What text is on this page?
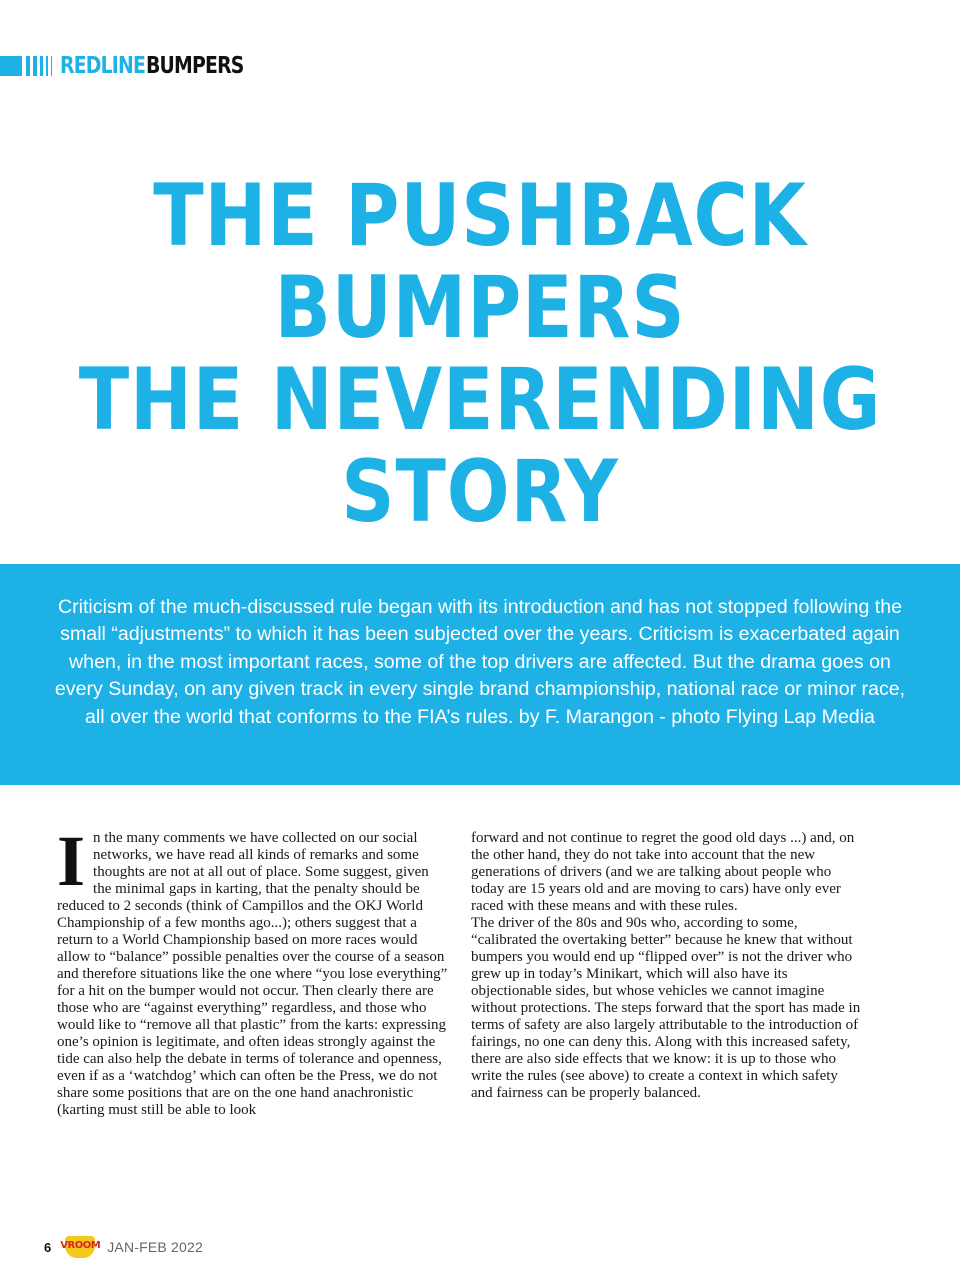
REDLINE BUMPERS
THE PUSHBACK
BUMPERS
THE NEVERENDING
STORY

Criticism of the much-discussed rule began with its introduction and has not stopped following the small “adjustments” to which it has been subjected over the years. Criticism is exacerbated again when, in the most important races, some of the top drivers are affected. But the drama goes on every Sunday, on any given track in every single brand championship, national race or minor race, all over the world that conforms to the FIA’s rules. by F. Marangon - photo Flying Lap Media

I n the many comments we have collected on our social networks, we have read all kinds of remarks and some thoughts are not at all out of place. Some suggest, given the minimal gaps in karting, that the penalty should be reduced to 2 seconds (think of Campillos and the OKJ World Championship of a few months ago...); others suggest that a return to a World Championship based on more races would allow to “balance” possible penalties over the course of a season and therefore situations like the one where “you lose everything” for a hit on the bumper would not occur. Then clearly there are those who are “against everything” regardless, and those who would like to “remove all that plastic” from the karts: expressing one’s opinion is legitimate, and often ideas strongly against the tide can also help the debate in terms of tolerance and openness, even if as a ‘watchdog’ which can often be the Press, we do not share some positions that are on the one hand anachronistic (karting must still be able to look

forward and not continue to regret the good old days ...) and, on the other hand, they do not take into account that the new generations of drivers (and we are talking about people who today are 15 years old and are moving to cars) have only ever raced with these means and with these rules.

The driver of the 80s and 90s who, according to some, “calibrated the overtaking better” because he knew that without bumpers you would end up “flipped over” is not the driver who grew up in today’s Minikart, which will also have its objectionable sides, but whose vehicles we cannot imagine without protections. The steps forward that the sport has made in terms of safety are also largely attributable to the introduction of fairings, no one can deny this. Along with this increased safety, there are also side effects that we know: it is up to those who write the rules (see above) to create a context in which safety and fairness can be properly balanced.

6 VROOM JAN-FEB 2022
